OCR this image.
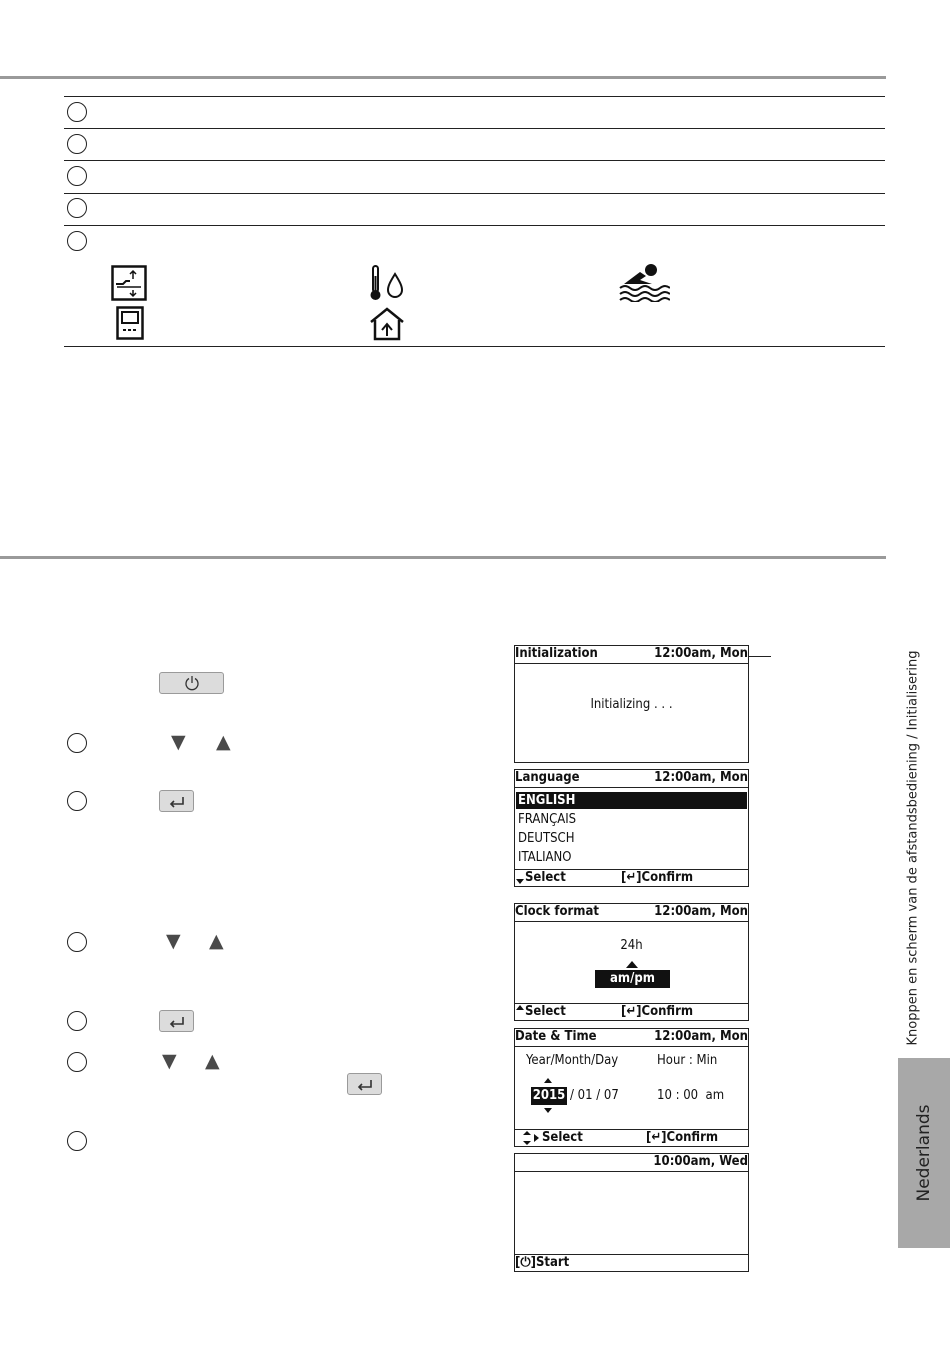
▼ ▲
▼ ▲
▼ ▲
Initialization	12:00am, Mon
Initializing . . .
Language	12:00am, Mon
ENGLISH
FRANÇAIS
DEUTSCH
ITALIANO
Select	[↵]Confirm
Clock format	12:00am, Mon
24h
am/pm
Select	[↵]Confirm
Date & Time	12:00am, Mon
Year/Month/Day	Hour : Min
2015 / 01 / 07	10 : 00  am
Select	[↵]Confirm
10:00am, Wed
[⏻]Start
Knoppen en scherm van de afstandsbediening / Initialisering
Nederlands
